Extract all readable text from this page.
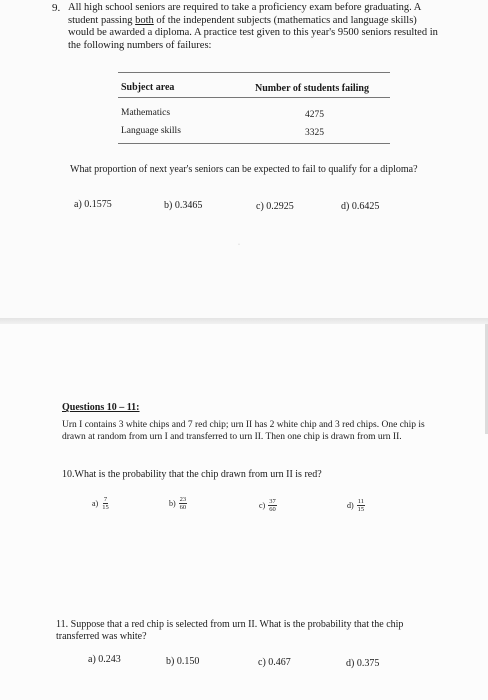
9. All high school seniors are required to take a proficiency exam before graduating. A student passing both of the independent subjects (mathematics and language skills) would be awarded a diploma. A practice test given to this year's 9500 seniors resulted in the following numbers of failures:
Subject area	Number of students failing
Mathematics	4275
Language skills	3325
What proportion of next year's seniors can be expected to fail to qualify for a diploma?
a) 0.1575	b) 0.3465	c) 0.2925	d) 0.6425
·
Questions 10 – 11:
Urn I contains 3 white chips and 7 red chip; urn II has 2 white chip and 3 red chips. One chip is drawn at random from urn I and transferred to urn II. Then one chip is drawn from urn II.
10.What is the probability that the chip drawn from urn II is red?
$a) \frac{7}{15}$	$b) \frac{23}{60}$	$c) \frac{37}{60}$	$d) \frac{11}{15}$
11. Suppose that a red chip is selected from urn II. What is the probability that the chip transferred was white?
a) 0.243	b) 0.150	c) 0.467	d) 0.375
